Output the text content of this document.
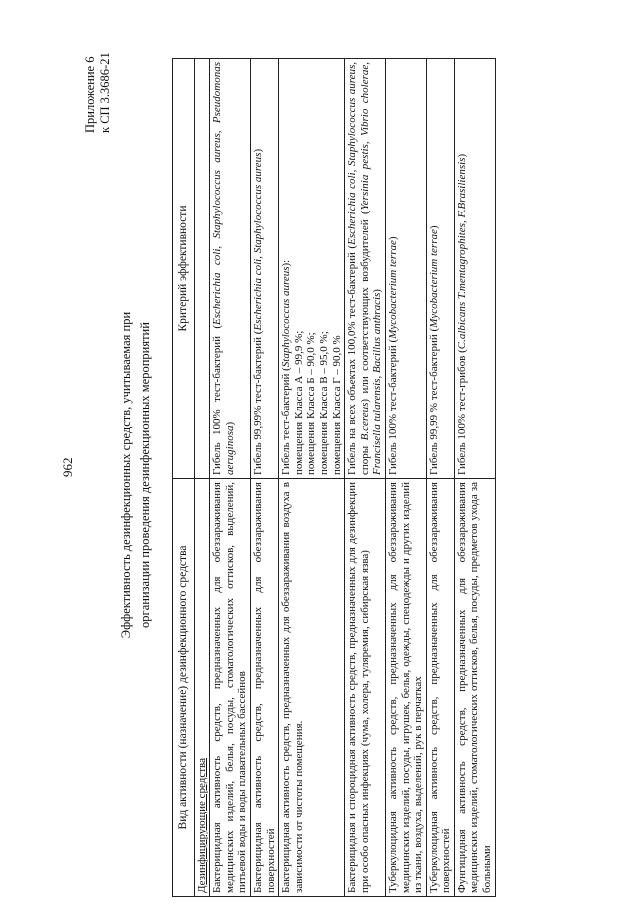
962
Приложение 6 к СП 3.3686-21
Эффективность дезинфекционных средств, учитываемая при организации проведения дезинфекционных мероприятий
Вид активности (назначение) дезинфекционного средства	Критерий эффективности
Дезинфицирующие средства	
Бактерицидная активность средств, предназначенных для обеззараживания медицинских изделий, белья, посуды, стоматологических оттисков, выделений, питьевой воды и воды плавательных бассейнов	Гибель 100% тест-бактерий (Escherichia coli, Staphylococcus aureus, Pseudomonas aeruginosa)
Бактерицидная активность средств, предназначенных для обеззараживания поверхностей	Гибель 99,99% тест-бактерий (Escherichia coli, Staphylococcus aureus)
Бактерицидная активность средств, предназначенных для обеззараживания воздуха в зависимости от чистоты помещения.	Гибель тест-бактерий (Staphylococcus aureus):
помещения Класса А – 99,9 %; помещения Класса Б – 90,0 %; помещения Класса В – 95,0 %; помещения Класса Г – 90,0 %

Бактерицидная и спороцидная активность средств, предназначенных для дезинфекции при особо опасных инфекциях (чума, холера, туляремия, сибирская язва)	Гибель на всех объектах 100,0% тест-бактерий (Escherichia coli, Staphylococcus aureus, споры B.cereus) или соответствующих возбудителей (Yersinia pestis, Vibrio cholerae, Francisella tularensis, Bacillus anthracis)
Туберкулоцидная активность средств, предназначенных для обеззараживания медицинских изделий, посуды, игрушек, белья, одежды, спецодежды и других изделий из ткани, воздуха, выделений, рук в перчатках	Гибель 100% тест-бактерий (Mycobacterium terrae)
Туберкулоцидная активность средств, предназначенных для обеззараживания поверхностей	Гибель 99,99 % тест-бактерий (Mycobacterium terrae)
Фунгицидная активность средств, предназначенных для обеззараживания медицинских изделий, стоматологических оттисков, белья, посуды, предметов ухода за больными	Гибель 100% тест-грибов (C.albicans T.mentagrophites, F.Brasiliensis)
